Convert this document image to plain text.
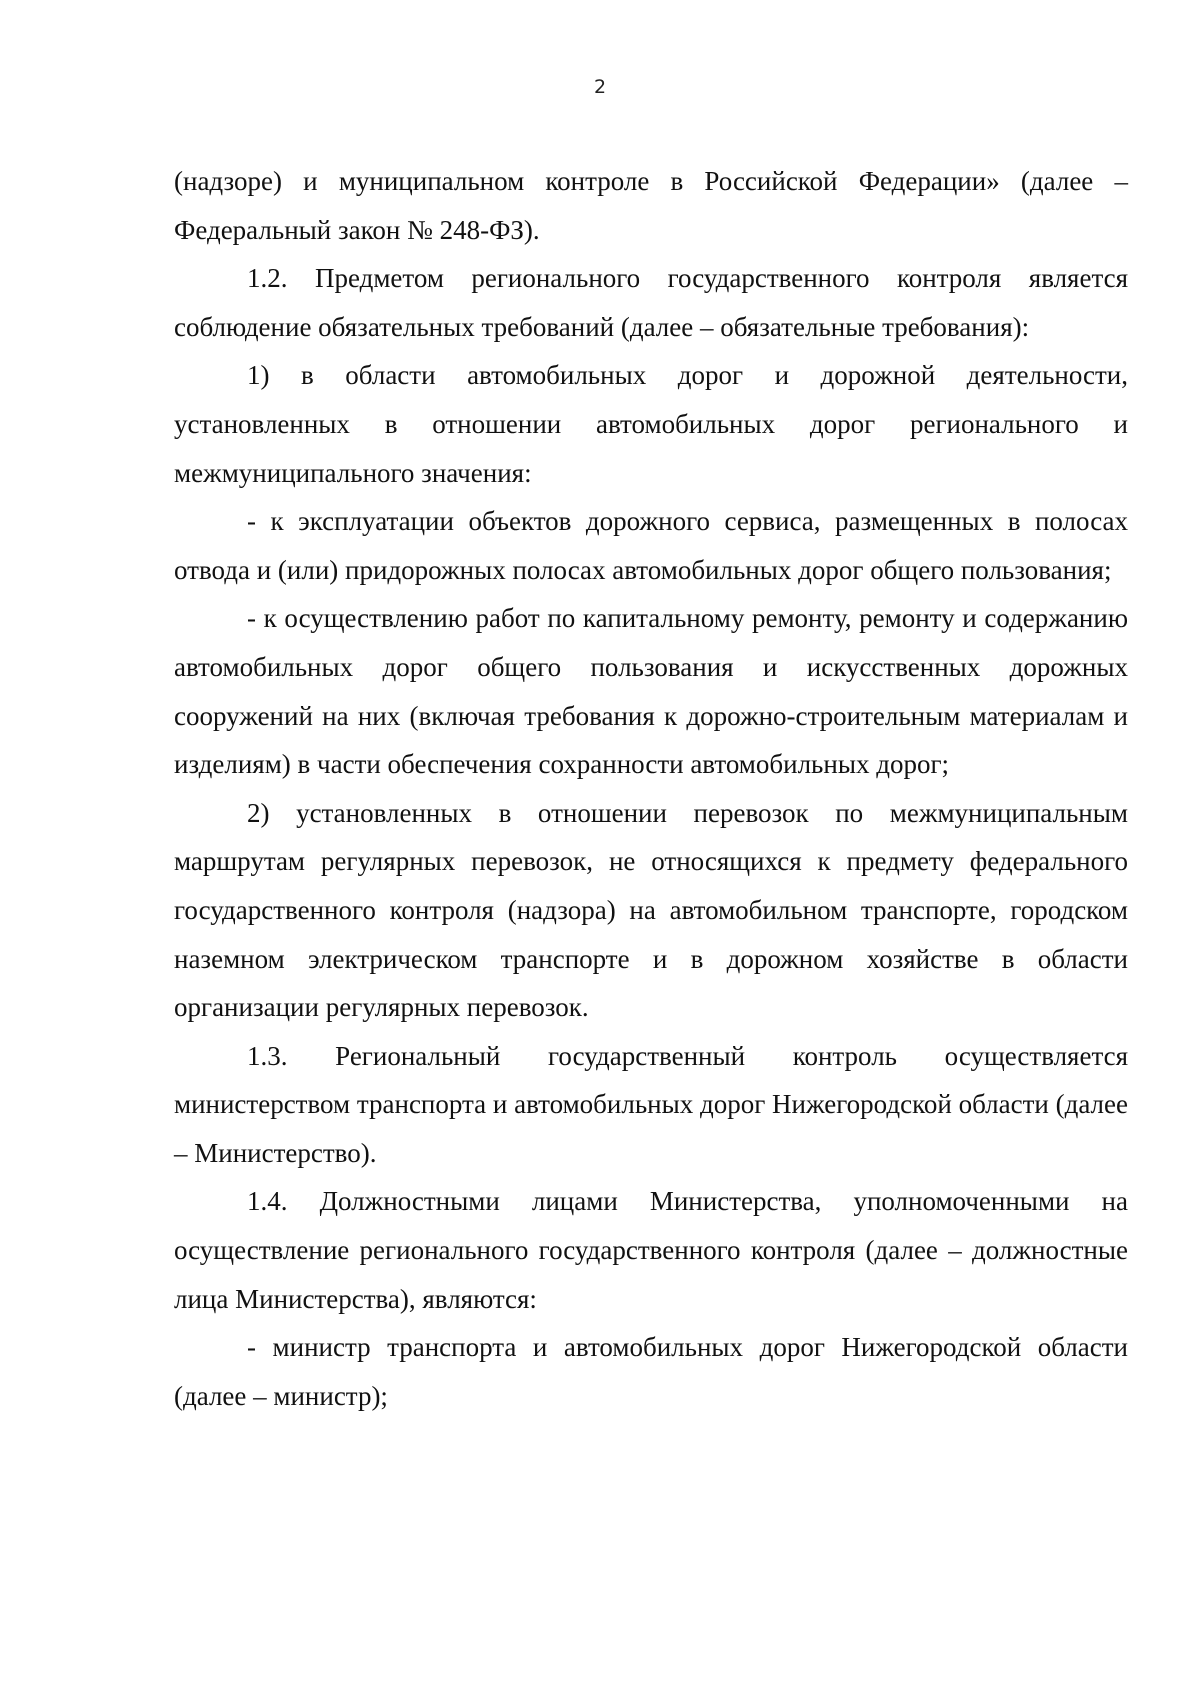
2

(надзоре) и муниципальном контроле в Российской Федерации» (далее – Федеральный закон № 248-ФЗ).

1.2. Предметом регионального государственного контроля является соблюдение обязательных требований (далее – обязательные требования):

1) в области автомобильных дорог и дорожной деятельности, установленных в отношении автомобильных дорог регионального и межмуниципального значения:

- к эксплуатации объектов дорожного сервиса, размещенных в полосах отвода и (или) придорожных полосах автомобильных дорог общего пользования;

- к осуществлению работ по капитальному ремонту, ремонту и содержанию автомобильных дорог общего пользования и искусственных дорожных сооружений на них (включая требования к дорожно-строительным материалам и изделиям) в части обеспечения сохранности автомобильных дорог;

2) установленных в отношении перевозок по межмуниципальным маршрутам регулярных перевозок, не относящихся к предмету федерального государственного контроля (надзора) на автомобильном транспорте, городском наземном электрическом транспорте и в дорожном хозяйстве в области организации регулярных перевозок.

1.3. Региональный государственный контроль осуществляется министерством транспорта и автомобильных дорог Нижегородской области (далее – Министерство).

1.4. Должностными лицами Министерства, уполномоченными на осуществление регионального государственного контроля (далее – должностные лица Министерства), являются:

- министр транспорта и автомобильных дорог Нижегородской области (далее – министр);
